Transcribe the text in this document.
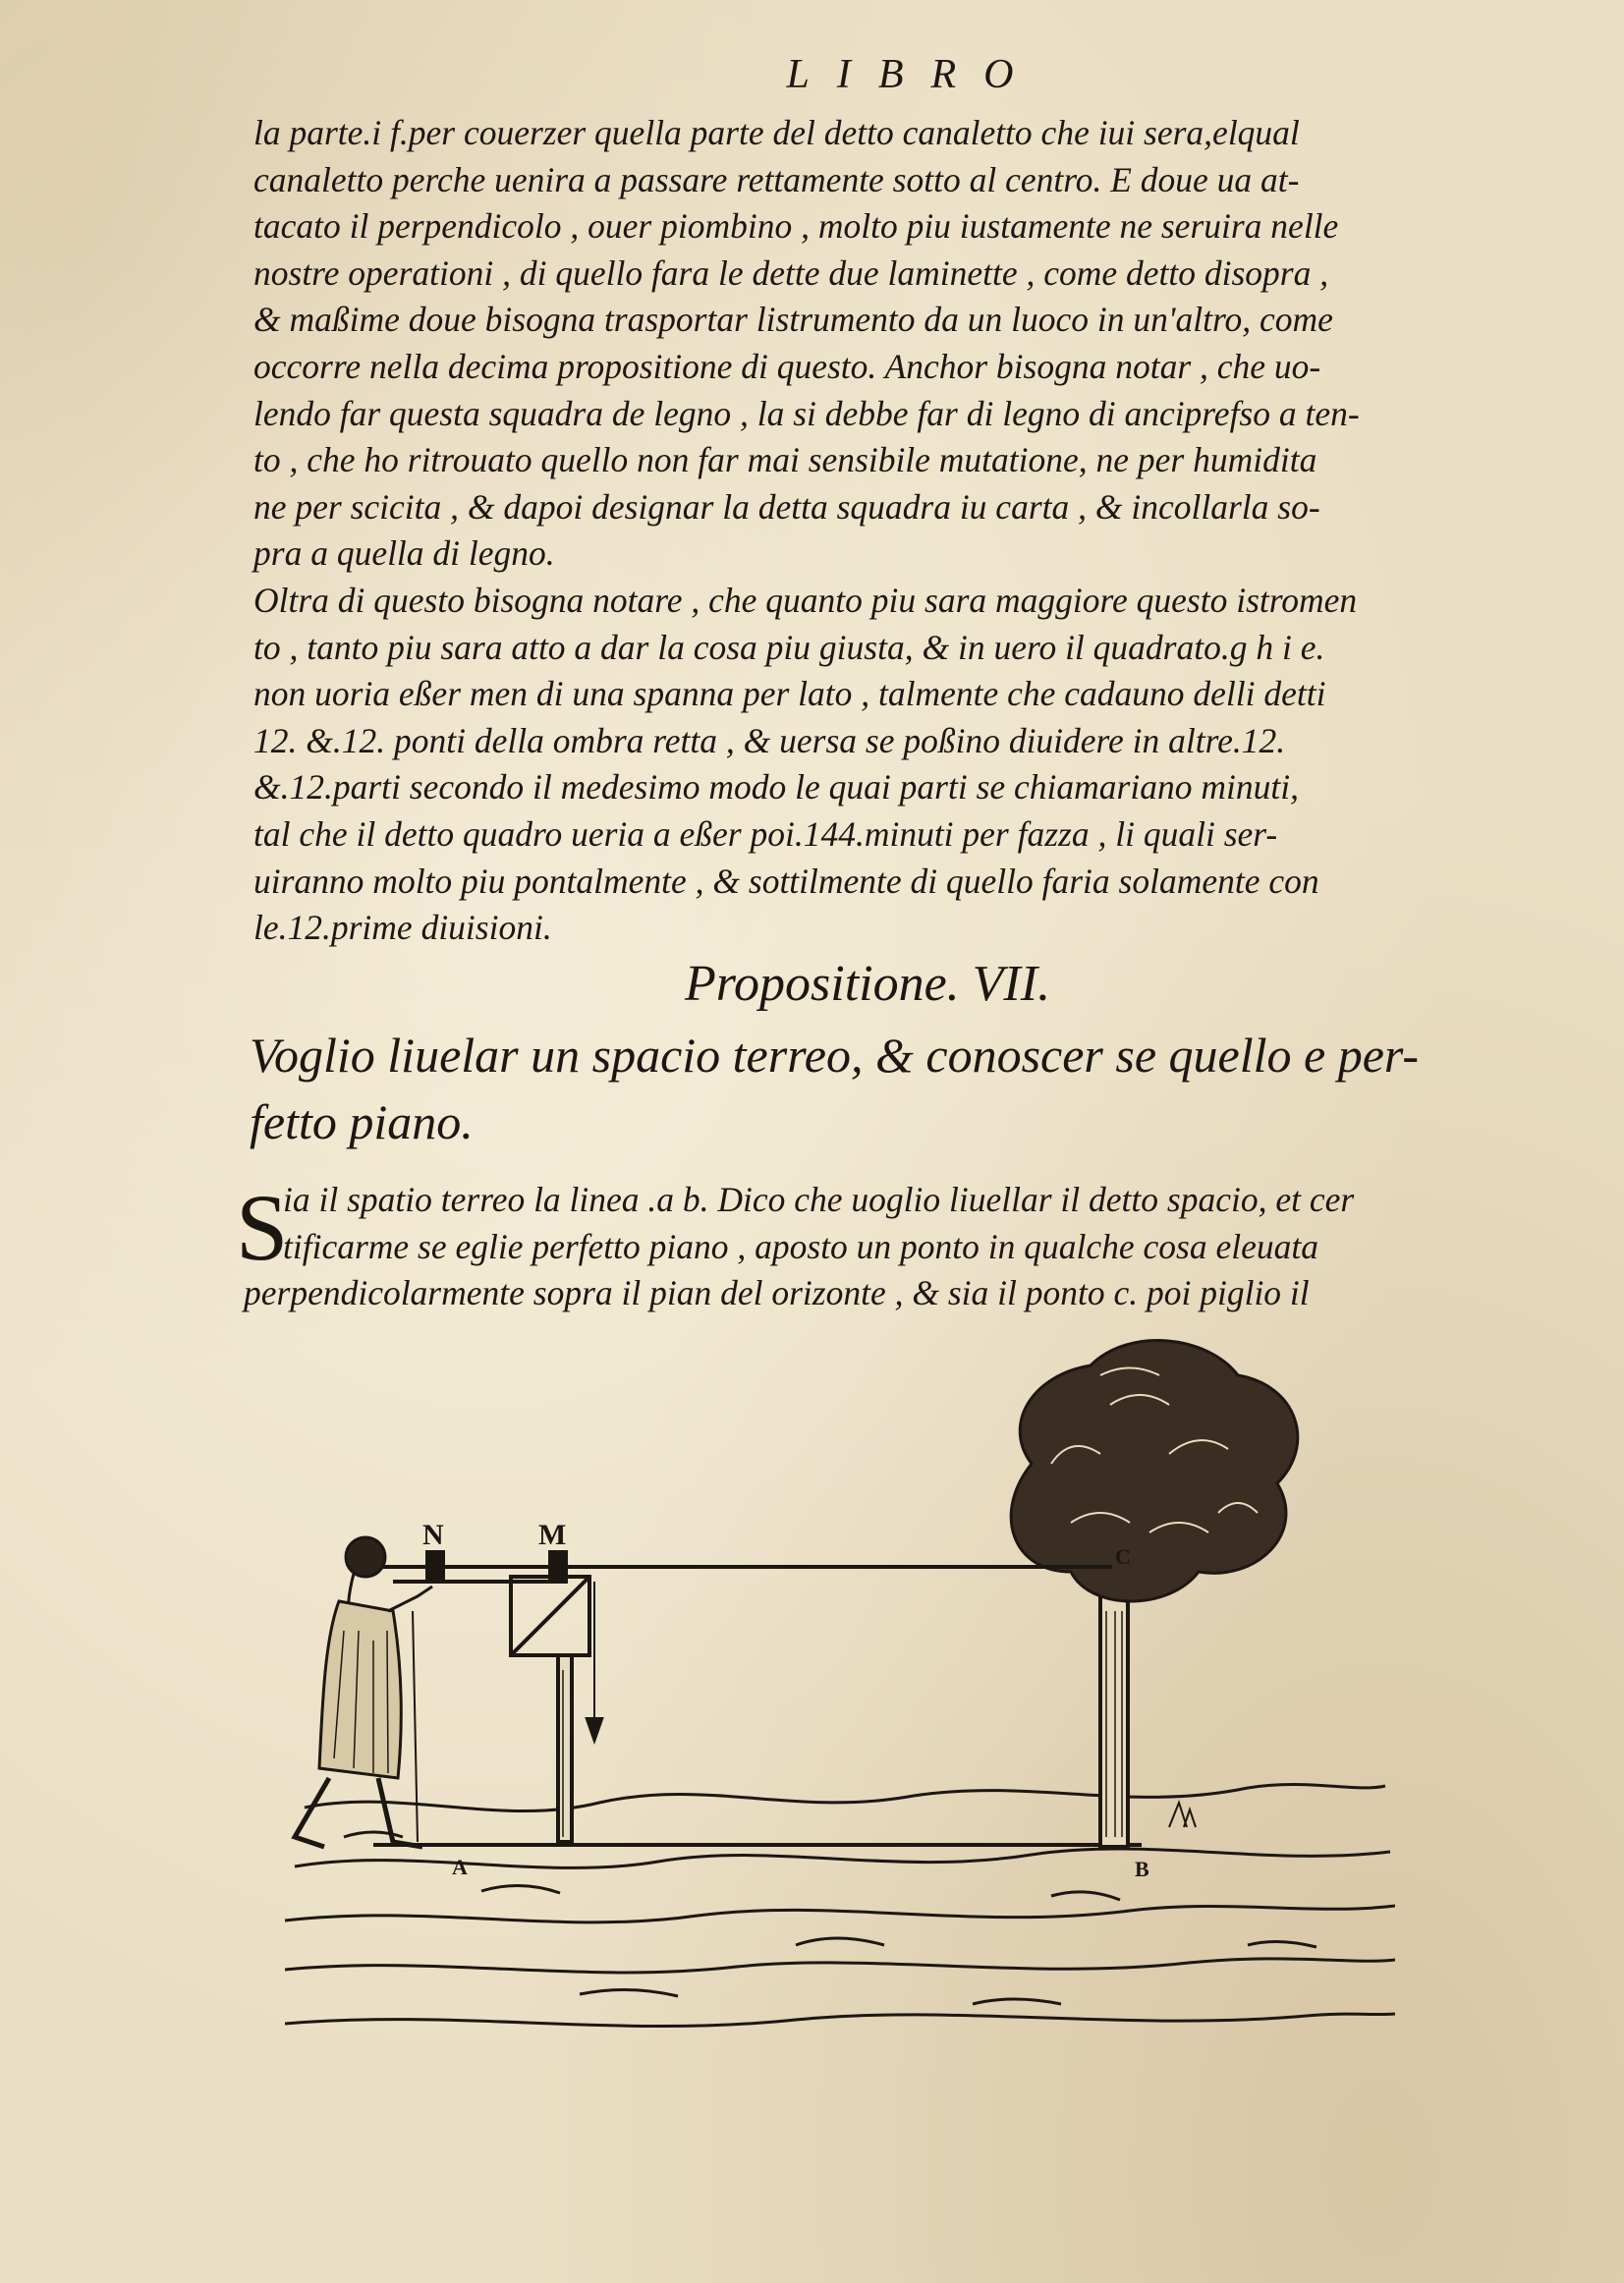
LIBRO
la parte.i f.per couerzer quella parte del detto canaletto che iui sera,elqual
canaletto perche uenira a passare rettamente sotto al centro. E doue ua at-
tacato il perpendicolo , ouer piombino , molto piu iustamente ne seruira nelle
nostre operationi , di quello fara le dette due laminette , come detto disopra ,
& maßime doue bisogna trasportar listrumento da un luoco in un'altro, come
occorre nella decima propositione di questo. Anchor bisogna notar , che uo-
lendo far questa squadra de legno , la si debbe far di legno di anciprefso a ten-
to , che ho ritrouato quello non far mai sensibile mutatione, ne per humidita
ne per scicita , & dapoi designar la detta squadra iu carta , & incollarla so-
pra a quella di legno.
Oltra di questo bisogna notare , che quanto piu sara maggiore questo istromen
to , tanto piu sara atto a dar la cosa piu giusta, & in uero il quadrato.g h i e.
non uoria eßer men di una spanna per lato , talmente che cadauno delli detti
12. &.12. ponti della ombra retta , & uersa se poßino diuidere in altre.12.
&.12.parti secondo il medesimo modo le quai parti se chiamariano minuti,
tal che il detto quadro ueria a eßer poi.144.minuti per fazza , li quali ser-
uiranno molto piu pontalmente , & sottilmente di quello faria solamente con
le.12.prime diuisioni.
Propositione. VII.
Voglio liuelar un spacio terreo, & conoscer se quello e per-
fetto piano.
S
ia il spatio terreo la linea .a b. Dico che uoglio liuellar il detto spacio, et cer
tificarme se eglie perfetto piano , aposto un ponto in qualche cosa eleuata
perpendicolarmente sopra il pian del orizonte , & sia il ponto c. poi piglio il
N	M
C
A	B
